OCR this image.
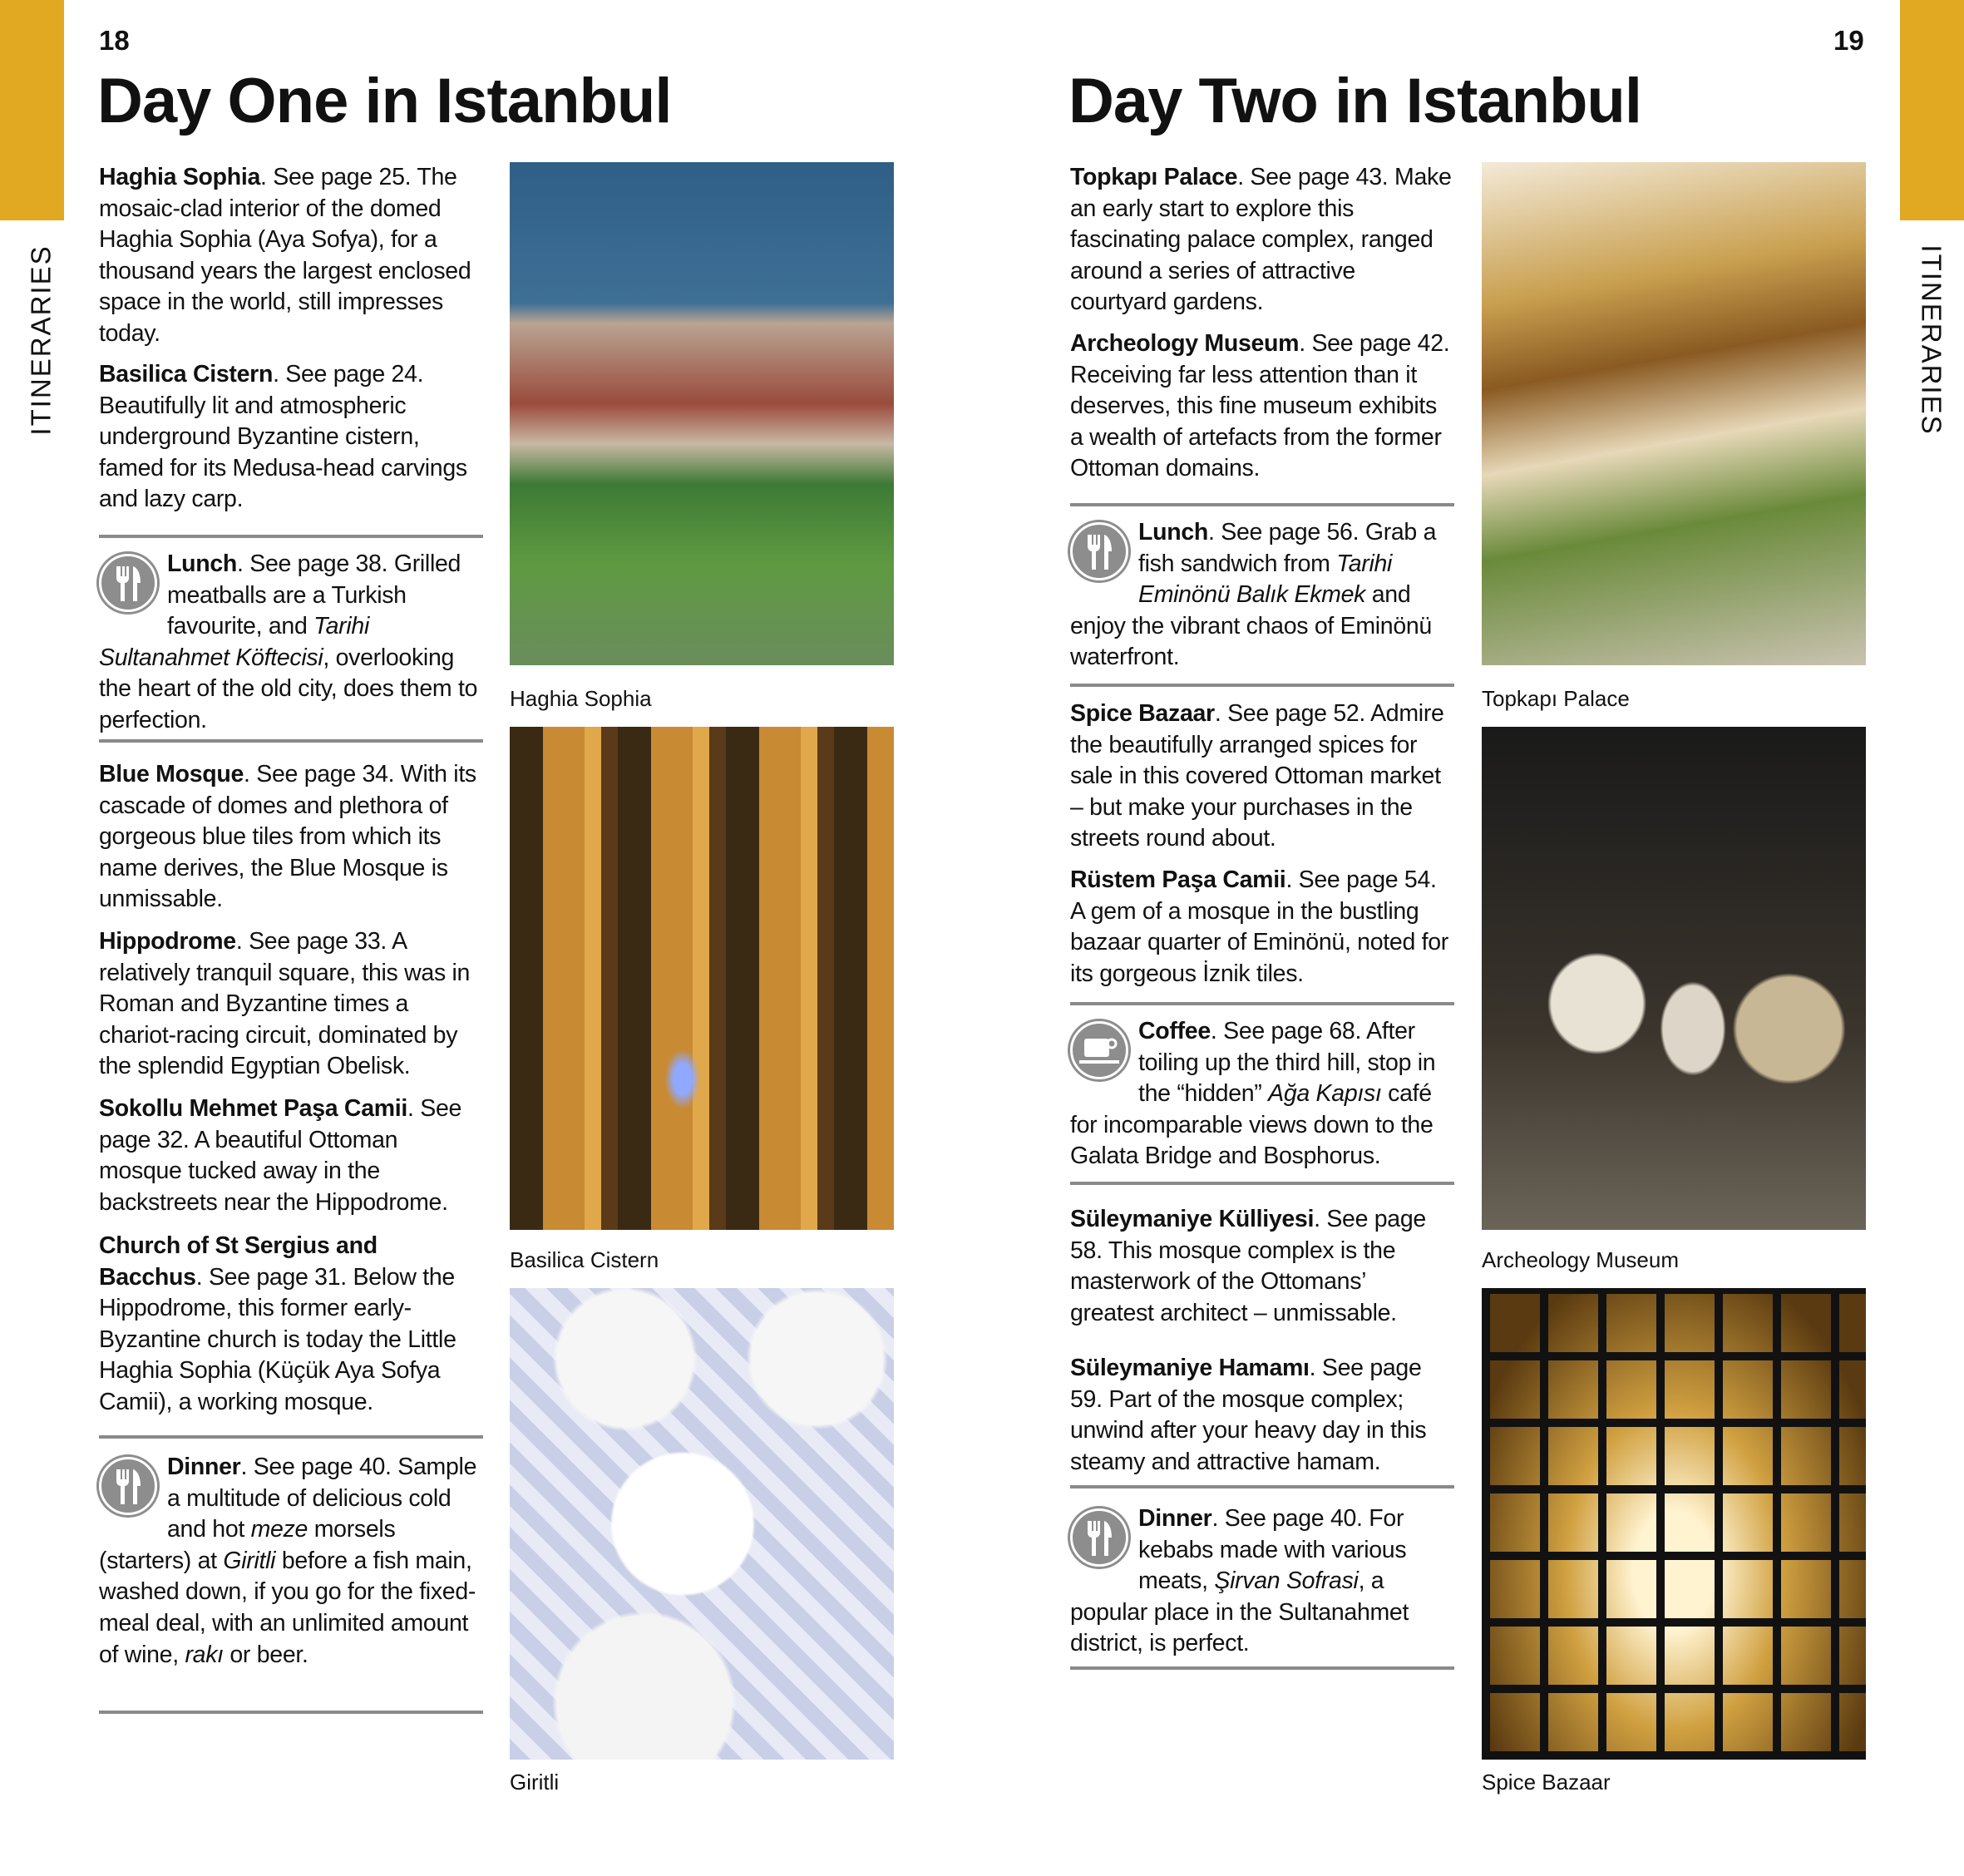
ITINERARIES	ITINERARIES
18	19
Day One in Istanbul	Day Two in Istanbul
Haghia Sophia. See page 25. The mosaic-clad interior of the domed Haghia Sophia (Aya Sofya), for a thousand years the largest enclosed space in the world, still impresses today.
Basilica Cistern. See page 24. Beautifully lit and atmospheric underground Byzantine cistern, famed for its Medusa-head carvings and lazy carp.
Lunch. See page 38. Grilled meatballs are a Turkish favourite, and Tarihi Sultanahmet Köftecisi, overlooking the heart of the old city, does them to perfection.
Blue Mosque. See page 34. With its cascade of domes and plethora of gorgeous blue tiles from which its name derives, the Blue Mosque is unmissable.
Hippodrome. See page 33. A relatively tranquil square, this was in Roman and Byzantine times a chariot-racing circuit, dominated by the splendid Egyptian Obelisk.
Sokollu Mehmet Paşa Camii. See page 32. A beautiful Ottoman mosque tucked away in the backstreets near the Hippodrome.
Church of St Sergius and Bacchus. See page 31. Below the Hippodrome, this former early-Byzantine church is today the Little Haghia Sophia (Küçük Aya Sofya Camii), a working mosque.
Dinner. See page 40. Sample a multitude of delicious cold and hot meze morsels (starters) at Giritli before a fish main, washed down, if you go for the fixed-meal deal, with an unlimited amount of wine, rakı or beer.
Haghia Sophia
Basilica Cistern
Giritli
Topkapı Palace. See page 43. Make an early start to explore this fascinating palace complex, ranged around a series of attractive courtyard gardens.
Archeology Museum. See page 42. Receiving far less attention than it deserves, this fine museum exhibits a wealth of artefacts from the former Ottoman domains.
Lunch. See page 56. Grab a fish sandwich from Tarihi Eminönü Balık Ekmek and enjoy the vibrant chaos of Eminönü waterfront.
Spice Bazaar. See page 52. Admire the beautifully arranged spices for sale in this covered Ottoman market – but make your purchases in the streets round about.
Rüstem Paşa Camii. See page 54. A gem of a mosque in the bustling bazaar quarter of Eminönü, noted for its gorgeous İznik tiles.
Coffee. See page 68. After toiling up the third hill, stop in the “hidden” Ağa Kapısı café for incomparable views down to the Galata Bridge and Bosphorus.
Süleymaniye Külliyesi. See page 58. This mosque complex is the masterwork of the Ottomans’ greatest architect – unmissable.
Süleymaniye Hamamı. See page 59. Part of the mosque complex; unwind after your heavy day in this steamy and attractive hamam.
Dinner. See page 40. For kebabs made with various meats, Şirvan Sofrasi, a popular place in the Sultanahmet district, is perfect.
Topkapı Palace
Archeology Museum
Spice Bazaar
